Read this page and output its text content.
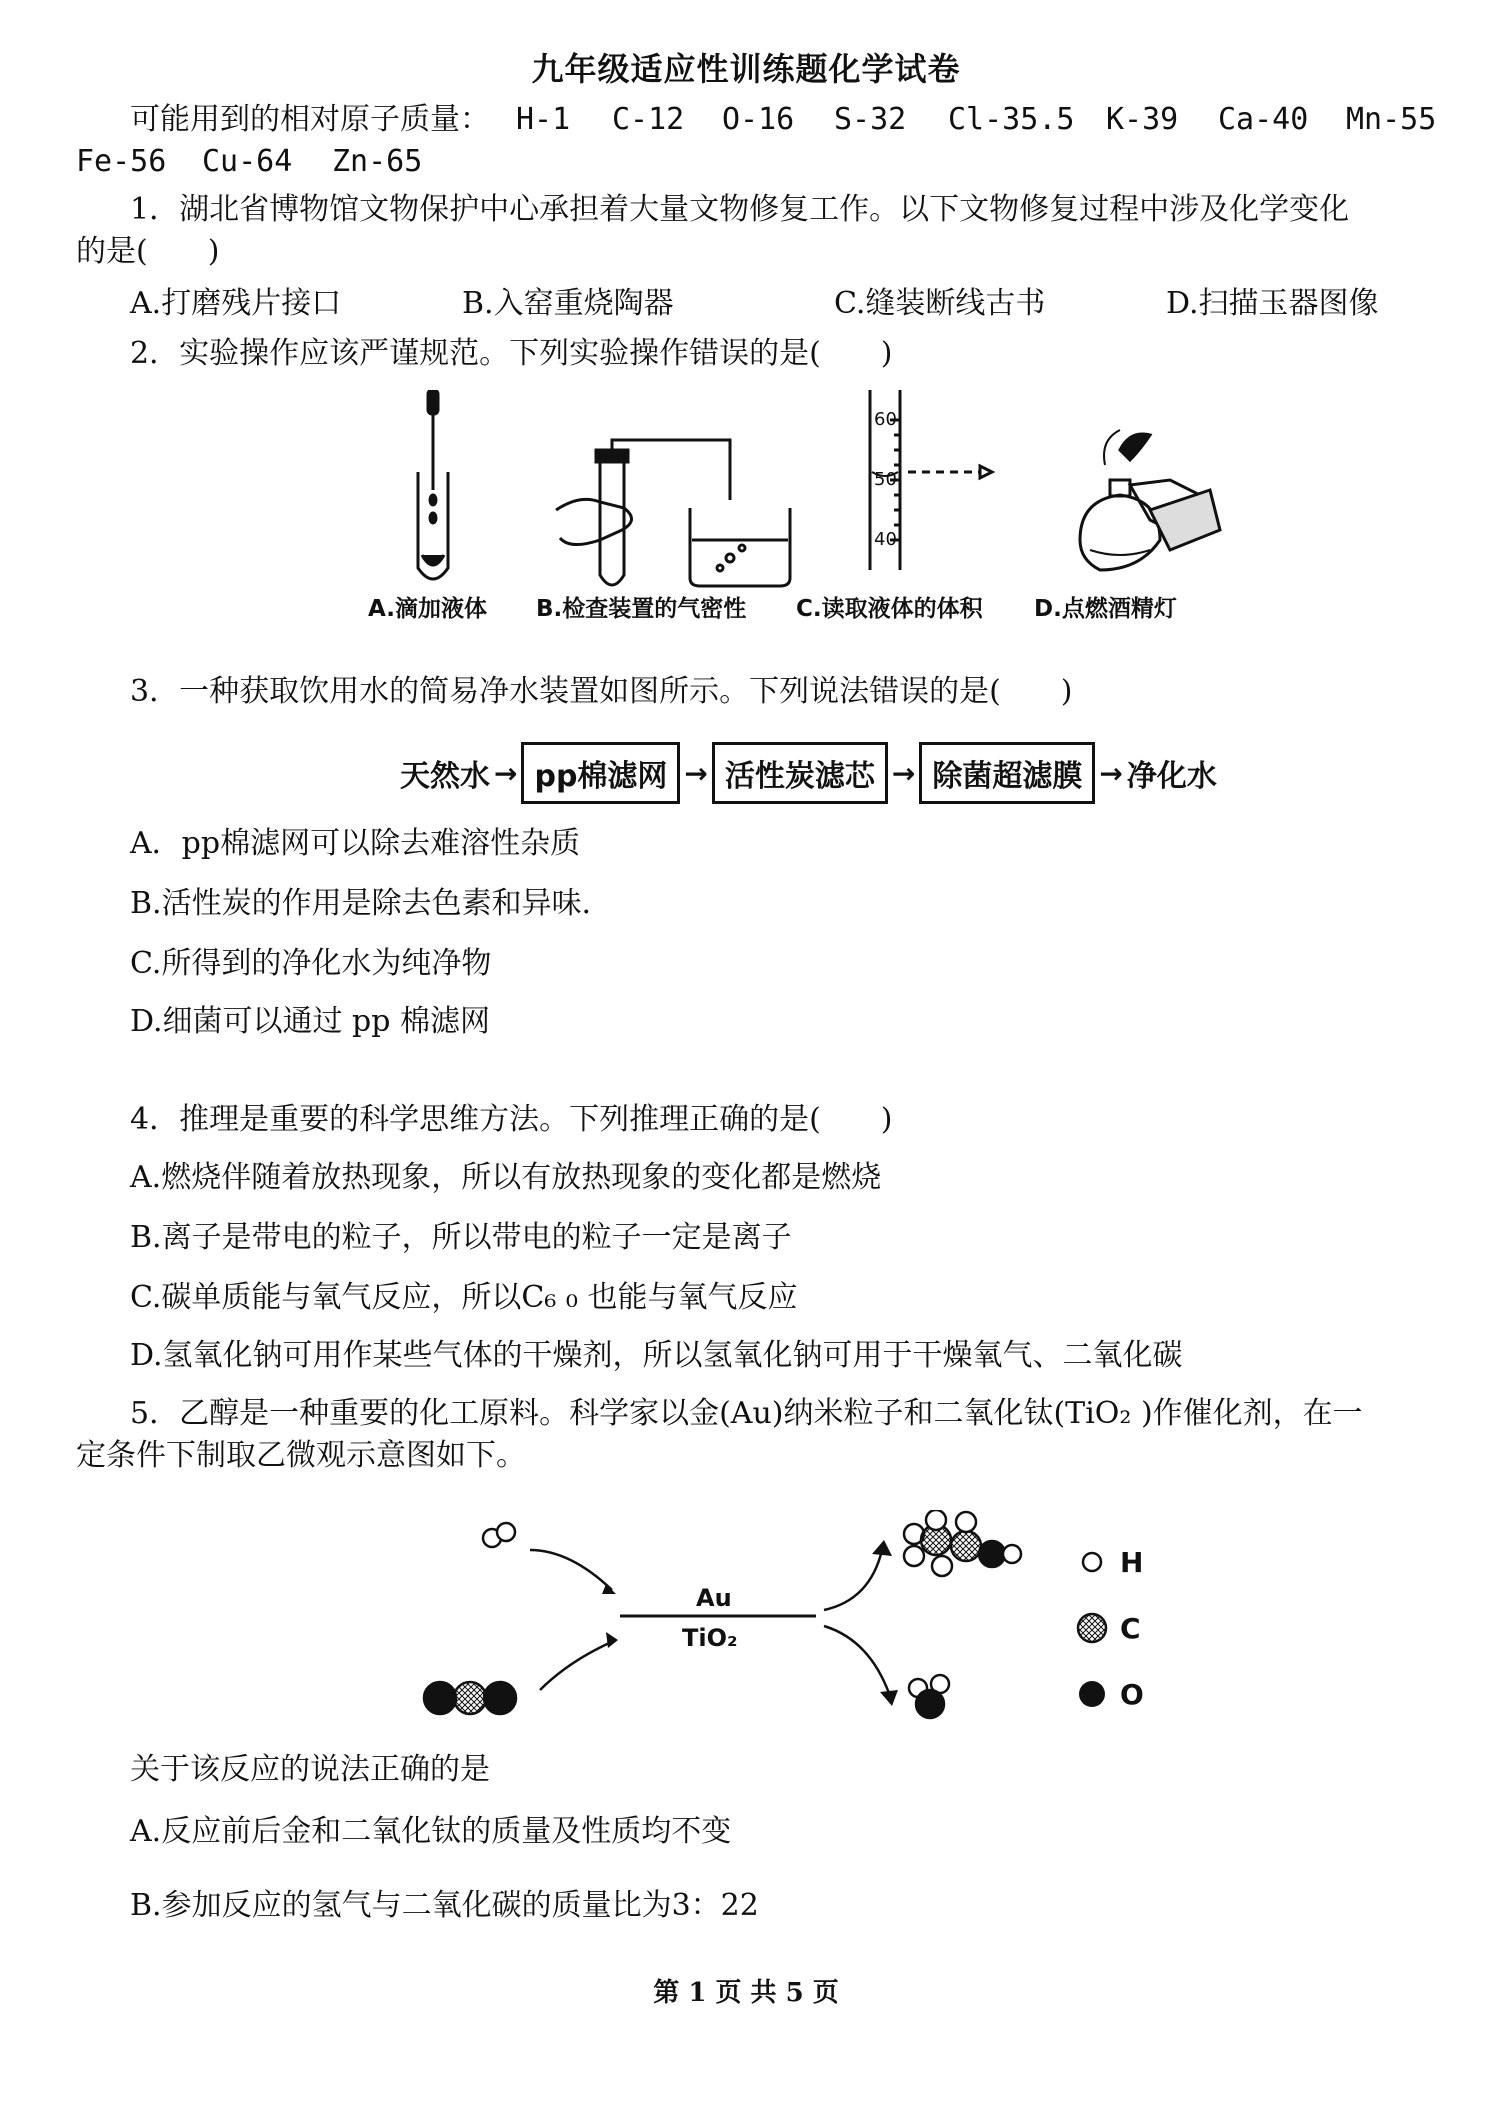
九年级适应性训练题化学试卷
可能用到的相对原子质量： H-1 C-12 O-16 S-32 Cl-35.5 K-39 Ca-40 Mn-55
Fe-56 Cu-64 Zn-65
1．湖北省博物馆文物保护中心承担着大量文物修复工作。以下文物修复过程中涉及化学变化
的是(　　)
A.打磨残片接口	B.入窑重烧陶器	C.缝装断线古书	D.扫描玉器图像
2．实验操作应该严谨规范。下列实验操作错误的是(　　)
60
50
40
A.滴加液体 B.检查装置的气密性 C.读取液体的体积 D.点燃酒精灯
3．一种获取饮用水的简易净水装置如图所示。下列说法错误的是(　　)
天然水 → pp棉滤网 → 活性炭滤芯 → 除菌超滤膜 → 净化水
A．pp棉滤网可以除去难溶性杂质
B.活性炭的作用是除去色素和异味．
C.所得到的净化水为纯净物
D.细菌可以通过 pp 棉滤网
4．推理是重要的科学思维方法。下列推理正确的是(　　)
A.燃烧伴随着放热现象，所以有放热现象的变化都是燃烧
B.离子是带电的粒子，所以带电的粒子一定是离子
C.碳单质能与氧气反应，所以C₆ ₀ 也能与氧气反应
D.氢氧化钠可用作某些气体的干燥剂，所以氢氧化钠可用于干燥氧气、二氧化碳
5．乙醇是一种重要的化工原料。科学家以金(Au)纳米粒子和二氧化钛(TiO₂ )作催化剂，在一
定条件下制取乙微观示意图如下。
Au
TiO₂
H
C
O
关于该反应的说法正确的是
A.反应前后金和二氧化钛的质量及性质均不变
B.参加反应的氢气与二氧化碳的质量比为3：22
第 1 页 共 5 页
